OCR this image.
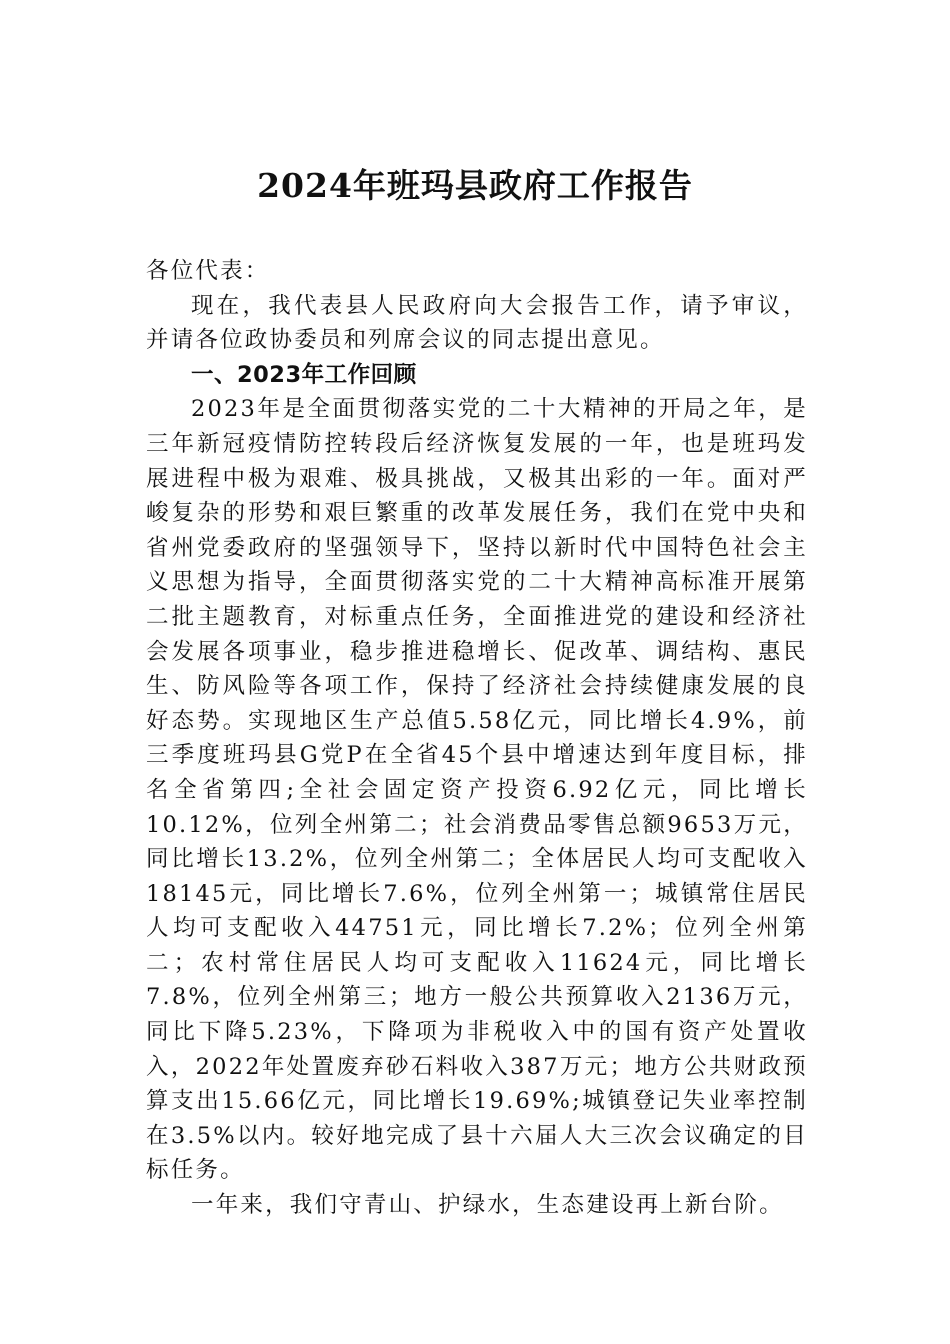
2024年班玛县政府工作报告

各位代表：

现在，我代表县人民政府向大会报告工作，请予审议，并请各位政协委员和列席会议的同志提出意见。

一、2023年工作回顾

2023年是全面贯彻落实党的二十大精神的开局之年，是三年新冠疫情防控转段后经济恢复发展的一年，也是班玛发展进程中极为艰难、极具挑战，又极其出彩的一年。面对严峻复杂的形势和艰巨繁重的改革发展任务，我们在党中央和省州党委政府的坚强领导下，坚持以新时代中国特色社会主义思想为指导，全面贯彻落实党的二十大精神高标准开展第二批主题教育，对标重点任务，全面推进党的建设和经济社会发展各项事业，稳步推进稳增长、促改革、调结构、惠民生、防风险等各项工作，保持了经济社会持续健康发展的良好态势。实现地区生产总值5.58亿元，同比增长4.9%，前三季度班玛县G党P在全省45个县中增速达到年度目标，排名全省第四;全社会固定资产投资6.92亿元，同比增长10.12%，位列全州第二；社会消费品零售总额9653万元，同比增长13.2%，位列全州第二；全体居民人均可支配收入18145元，同比增长7.6%，位列全州第一；城镇常住居民人均可支配收入44751元，同比增长7.2%；位列全州第二；农村常住居民人均可支配收入11624元，同比增长7.8%，位列全州第三；地方一般公共预算收入2136万元，同比下降5.23%，下降项为非税收入中的国有资产处置收入，2022年处置废弃砂石料收入387万元；地方公共财政预算支出15.66亿元，同比增长19.69%;城镇登记失业率控制在3.5%以内。较好地完成了县十六届人大三次会议确定的目标任务。

一年来，我们守青山、护绿水，生态建设再上新台阶。
